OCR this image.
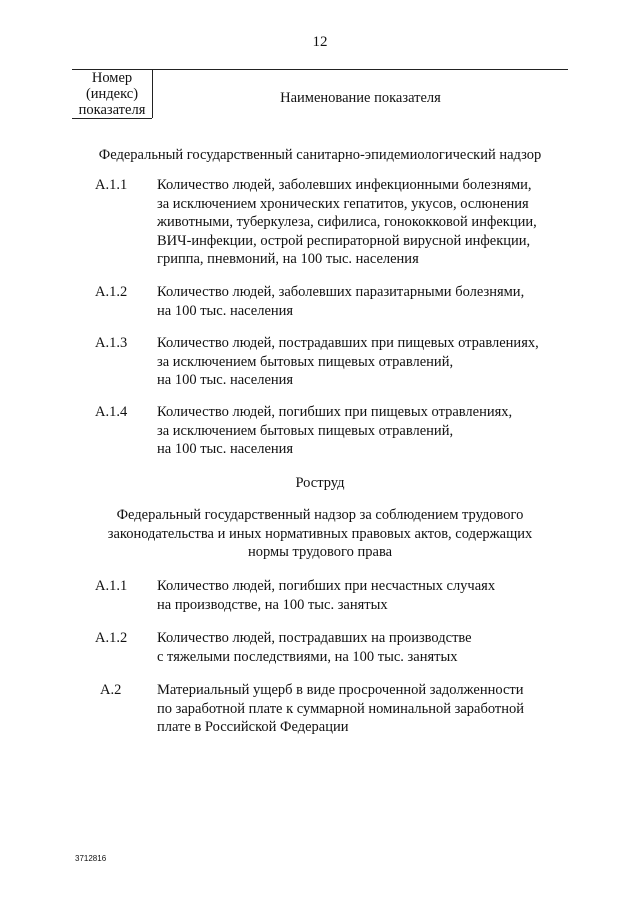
12
Номер
(индекс)
показателя
Наименование показателя
Федеральный государственный санитарно-эпидемиологический надзор
А.1.1 Количество людей, заболевших инфекционными болезнями,
за исключением хронических гепатитов, укусов, ослюнения
животными, туберкулеза, сифилиса, гонококковой инфекции,
ВИЧ-инфекции, острой респираторной вирусной инфекции,
гриппа, пневмоний, на 100 тыс. населения
А.1.2 Количество людей, заболевших паразитарными болезнями,
на 100 тыс. населения
А.1.3 Количество людей, пострадавших при пищевых отравлениях,
за исключением бытовых пищевых отравлений,
на 100 тыс. населения
А.1.4 Количество людей, погибших при пищевых отравлениях,
за исключением бытовых пищевых отравлений,
на 100 тыс. населения
Роструд
Федеральный государственный надзор за соблюдением трудового
законодательства и иных нормативных правовых актов, содержащих
нормы трудового права
А.1.1 Количество людей, погибших при несчастных случаях
на производстве, на 100 тыс. занятых
А.1.2 Количество людей, пострадавших на производстве
с тяжелыми последствиями, на 100 тыс. занятых
А.2 Материальный ущерб в виде просроченной задолженности
по заработной плате к суммарной номинальной заработной
плате в Российской Федерации
3712816
